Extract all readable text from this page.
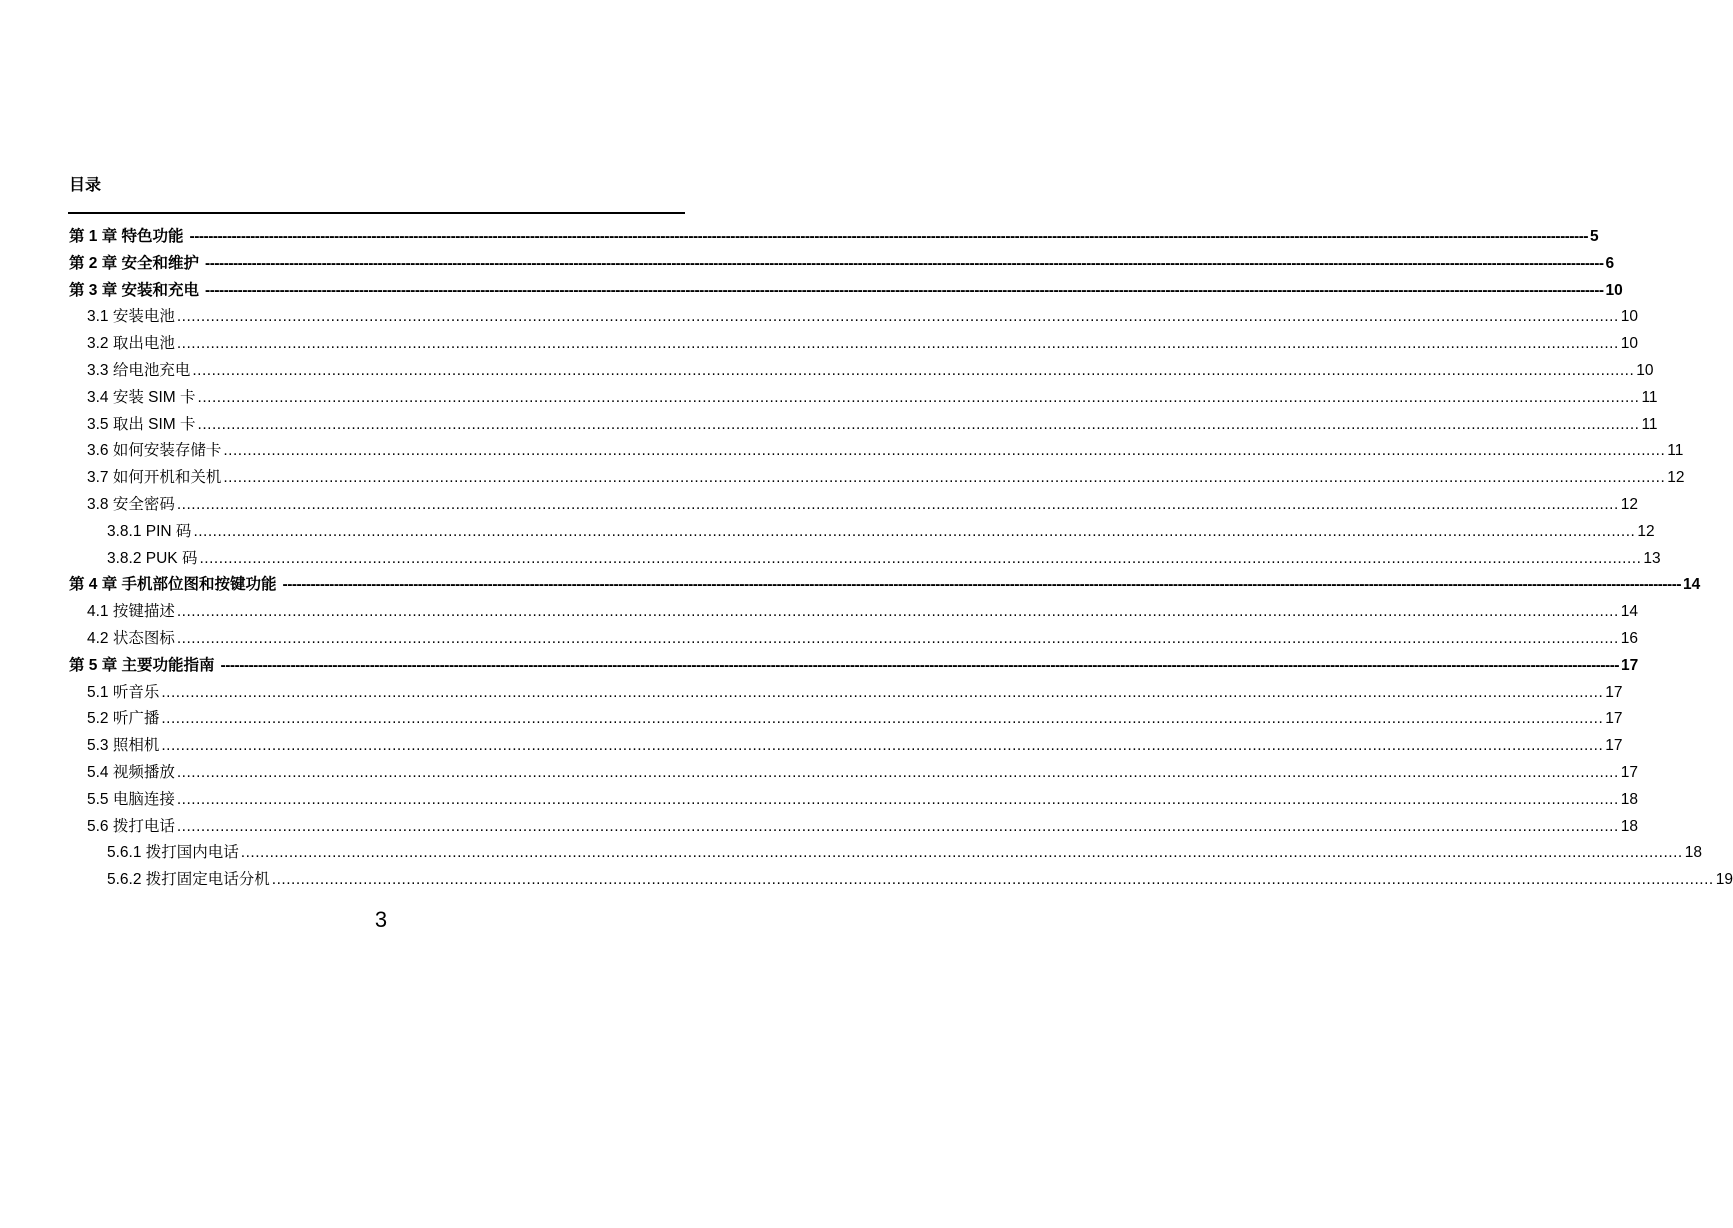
目录
第 1 章 特色功能 ------------------------------------------------------------------------------------------------------------------------------------------------------------------------------------------------------------------------------------------------------------------------------------------------------------ 5
第 2 章 安全和维护 ------------------------------------------------------------------------------------------------------------------------------------------------------------------------------------------------------------------------------------------------------------------------------------------------------------ 6
第 3 章 安装和充电 ------------------------------------------------------------------------------------------------------------------------------------------------------------------------------------------------------------------------------------------------------------------------------------------------------------ 10
3.1 安装电池 ............................................................................................................................................................................................................................................................................................................ 10
3.2 取出电池 ............................................................................................................................................................................................................................................................................................................ 10
3.3 给电池充电 ............................................................................................................................................................................................................................................................................................................ 10
3.4 安装 SIM 卡 ............................................................................................................................................................................................................................................................................................................ 11
3.5 取出 SIM 卡 ............................................................................................................................................................................................................................................................................................................ 11
3.6 如何安装存储卡 ............................................................................................................................................................................................................................................................................................................ 11
3.7 如何开机和关机 ............................................................................................................................................................................................................................................................................................................ 12
3.8 安全密码 ............................................................................................................................................................................................................................................................................................................ 12
3.8.1 PIN 码 ............................................................................................................................................................................................................................................................................................................ 12
3.8.2 PUK 码 ............................................................................................................................................................................................................................................................................................................ 13
第 4 章 手机部位图和按键功能 ------------------------------------------------------------------------------------------------------------------------------------------------------------------------------------------------------------------------------------------------------------------------------------------------------------ 14
4.1 按键描述 ............................................................................................................................................................................................................................................................................................................ 14
4.2 状态图标 ............................................................................................................................................................................................................................................................................................................ 16
第 5 章 主要功能指南 ------------------------------------------------------------------------------------------------------------------------------------------------------------------------------------------------------------------------------------------------------------------------------------------------------------ 17
5.1 听音乐 ............................................................................................................................................................................................................................................................................................................ 17
5.2 听广播 ............................................................................................................................................................................................................................................................................................................ 17
5.3 照相机 ............................................................................................................................................................................................................................................................................................................ 17
5.4 视频播放 ............................................................................................................................................................................................................................................................................................................ 17
5.5 电脑连接 ............................................................................................................................................................................................................................................................................................................ 18
5.6 拨打电话 ............................................................................................................................................................................................................................................................................................................ 18
5.6.1 拨打国内电话 ............................................................................................................................................................................................................................................................................................................ 18
5.6.2 拨打固定电话分机 ............................................................................................................................................................................................................................................................................................................ 19
3
